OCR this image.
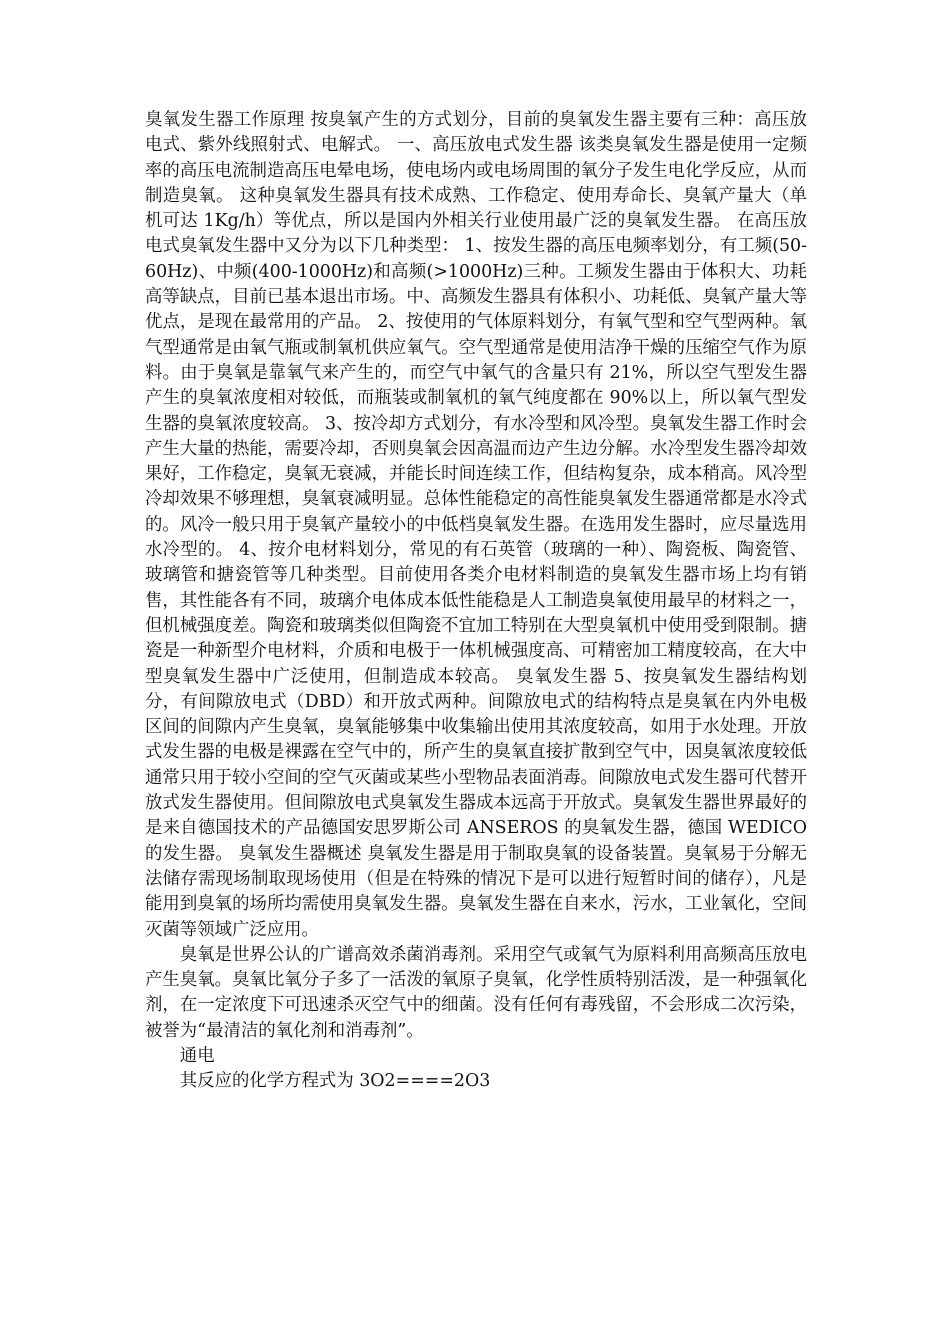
臭氧发生器工作原理 按臭氧产生的方式划分，目前的臭氧发生器主要有三种：高压放电式、紫外线照射式、电解式。 一、高压放电式发生器 该类臭氧发生器是使用一定频率的高压电流制造高压电晕电场，使电场内或电场周围的氧分子发生电化学反应，从而制造臭氧。 这种臭氧发生器具有技术成熟、工作稳定、使用寿命长、臭氧产量大（单机可达 1Kg/h）等优点，所以是国内外相关行业使用最广泛的臭氧发生器。 在高压放电式臭氧发生器中又分为以下几种类型： 1、按发生器的高压电频率划分，有工频(50-60Hz)、中频(400-1000Hz)和高频(>1000Hz)三种。工频发生器由于体积大、功耗高等缺点，目前已基本退出市场。中、高频发生器具有体积小、功耗低、臭氧产量大等优点，是现在最常用的产品。 2、按使用的气体原料划分，有氧气型和空气型两种。氧气型通常是由氧气瓶或制氧机供应氧气。空气型通常是使用洁净干燥的压缩空气作为原料。由于臭氧是靠氧气来产生的，而空气中氧气的含量只有 21%，所以空气型发生器产生的臭氧浓度相对较低，而瓶装或制氧机的氧气纯度都在 90%以上，所以氧气型发生器的臭氧浓度较高。 3、按冷却方式划分，有水冷型和风冷型。臭氧发生器工作时会产生大量的热能，需要冷却，否则臭氧会因高温而边产生边分解。水冷型发生器冷却效果好，工作稳定，臭氧无衰减，并能长时间连续工作，但结构复杂，成本稍高。风冷型冷却效果不够理想，臭氧衰减明显。总体性能稳定的高性能臭氧发生器通常都是水冷式的。风冷一般只用于臭氧产量较小的中低档臭氧发生器。在选用发生器时，应尽量选用水冷型的。 4、按介电材料划分，常见的有石英管（玻璃的一种）、陶瓷板、陶瓷管、玻璃管和搪瓷管等几种类型。目前使用各类介电材料制造的臭氧发生器市场上均有销售，其性能各有不同，玻璃介电体成本低性能稳是人工制造臭氧使用最早的材料之一，但机械强度差。陶瓷和玻璃类似但陶瓷不宜加工特别在大型臭氧机中使用受到限制。搪瓷是一种新型介电材料，介质和电极于一体机械强度高、可精密加工精度较高，在大中型臭氧发生器中广泛使用，但制造成本较高。 臭氧发生器 5、按臭氧发生器结构划分，有间隙放电式（DBD）和开放式两种。间隙放电式的结构特点是臭氧在内外电极区间的间隙内产生臭氧，臭氧能够集中收集输出使用其浓度较高，如用于水处理。开放式发生器的电极是裸露在空气中的，所产生的臭氧直接扩散到空气中，因臭氧浓度较低通常只用于较小空间的空气灭菌或某些小型物品表面消毒。间隙放电式发生器可代替开放式发生器使用。但间隙放电式臭氧发生器成本远高于开放式。臭氧发生器世界最好的是来自德国技术的产品德国安思罗斯公司 ANSEROS 的臭氧发生器，德国 WEDICO 的发生器。 臭氧发生器概述 臭氧发生器是用于制取臭氧的设备装置。臭氧易于分解无法储存需现场制取现场使用（但是在特殊的情况下是可以进行短暂时间的储存），凡是能用到臭氧的场所均需使用臭氧发生器。臭氧发生器在自来水，污水，工业氧化，空间灭菌等领域广泛应用。

臭氧是世界公认的广谱高效杀菌消毒剂。采用空气或氧气为原料利用高频高压放电产生臭氧。臭氧比氧分子多了一活泼的氧原子臭氧，化学性质特别活泼，是一种强氧化剂，在一定浓度下可迅速杀灭空气中的细菌。没有任何有毒残留，不会形成二次污染，被誉为“最清洁的氧化剂和消毒剂”。

通电

其反应的化学方程式为 3O2====2O3
